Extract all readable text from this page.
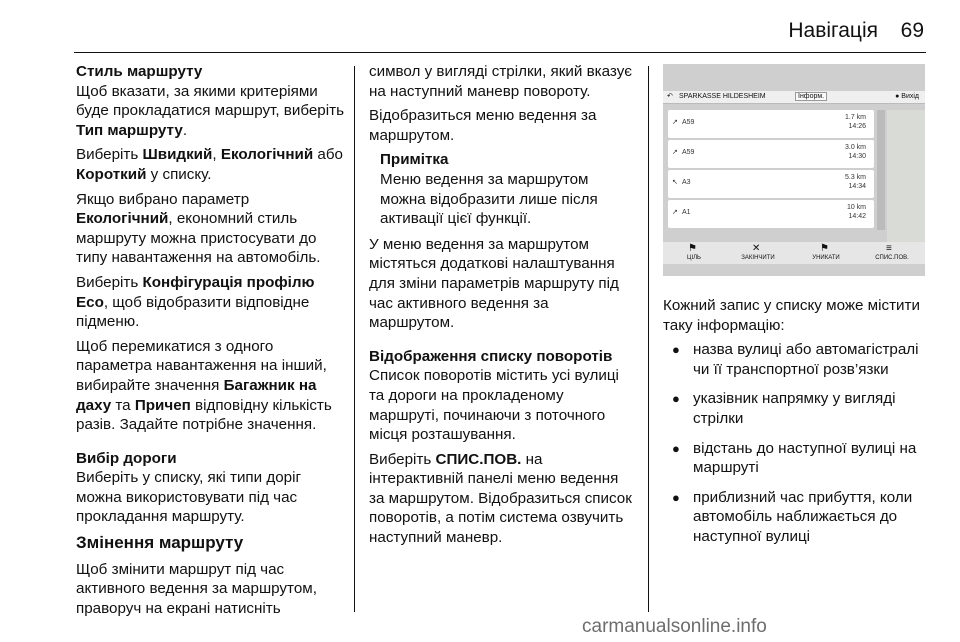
Навігація 69
Стиль маршруту

Щоб вказати, за якими критеріями буде прокладатися маршрут, виберіть Тип маршруту.

Виберіть Швидкий, Екологічний або Короткий у списку.

Якщо вибрано параметр Екологічний, економний стиль маршруту можна пристосувати до типу навантаження на автомобіль.

Виберіть Конфігурація профілю Eco, щоб відобразити відповідне підменю.

Щоб перемикатися з одного параметра навантаження на інший, вибирайте значення Багажник на даху та Причеп відповідну кількість разів. Задайте потрібне значення.

Вибір дороги

Виберіть у списку, які типи доріг можна використовувати під час прокладання маршруту.

Змінення маршруту

Щоб змінити маршрут під час активного ведення за маршрутом, праворуч на екрані натисніть

символ у вигляді стрілки, який вказує на наступний маневр повороту.

Відобразиться меню ведення за маршрутом.

Примітка
Меню ведення за маршрутом можна відобразити лише після активації цієї функції.

У меню ведення за маршрутом містяться додаткові налаштування для зміни параметрів маршруту під час активного ведення за маршрутом.

Відображення списку поворотів

Список поворотів містить усі вулиці та дороги на прокладеному маршруті, починаючи з поточного місця розташування.

Виберіть СПИС.ПОВ. на інтерактивній панелі меню ведення за маршрутом. Відобразиться список поворотів, а потім система озвучить наступний маневр.

↶ SPARKASSE HILDESHEIM	Інформ.	● Вихід
↗ A59
1.7 km
14:26
↗ A59
3.0 km
14:30
↖ A3
5.3 km
14:34
↗ A1
10 km
14:42
⚑
ЦІЛЬ
✕
ЗАКІНЧИТИ
⚑
УНИКАТИ
≡
СПИС.ПОВ.

Кожний запис у списку може містити таку інформацію:

● назва вулиці або автомагістралі чи її транспортної розв’язки
● указівник напрямку у вигляді стрілки
● відстань до наступної вулиці на маршруті
● приблизний час прибуття, коли автомобіль наближається до наступної вулиці
carmanualsonline.info
